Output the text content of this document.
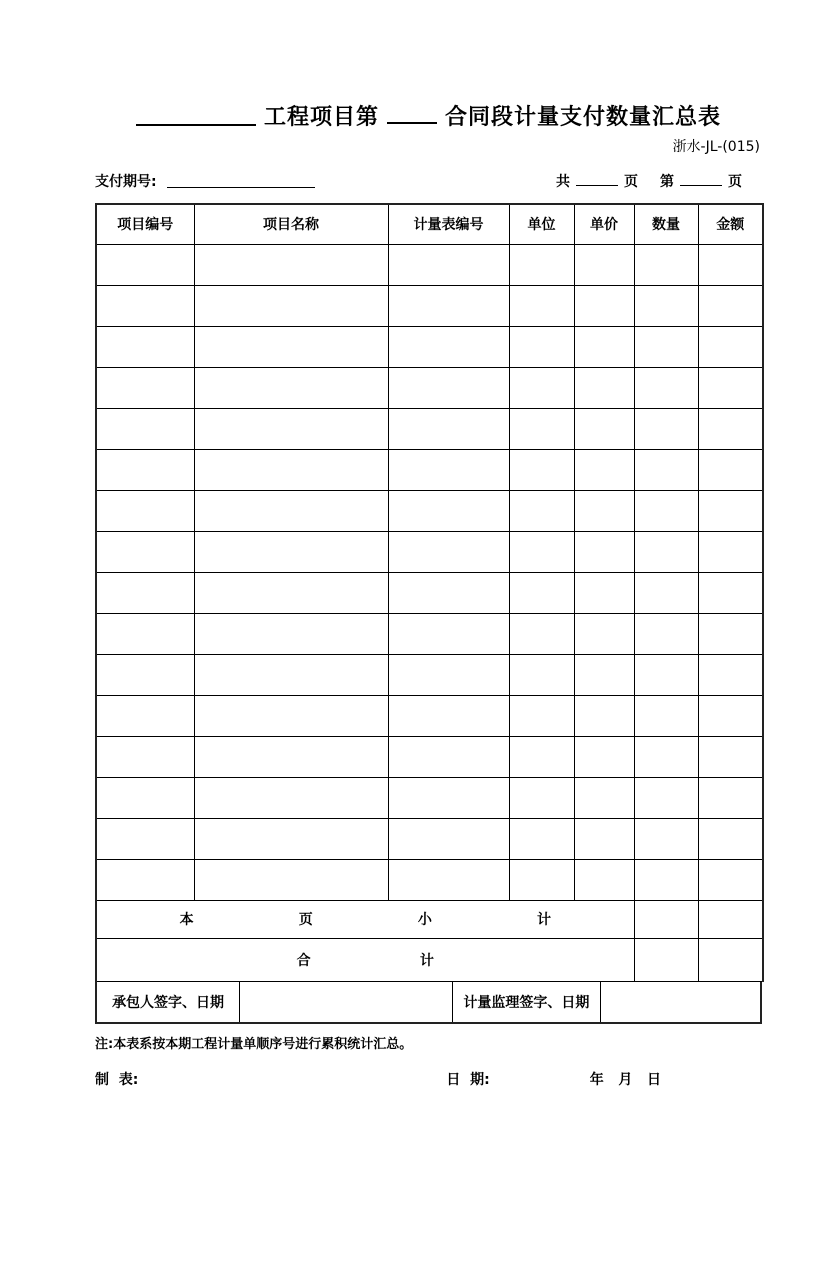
工程项目第	合同段计量支付数量汇总表
浙水-JL-(015)
支付期号:	共	页 第	页
项目编号	项目名称	计量表编号	单位	单价	数量	金额

本 页 小 计						

合 计						

承包人签字、日期	计量监理签字、日期
注:本表系按本期工程计量单顺序号进行累积统计汇总。
制  表:	日  期:	年   月   日
